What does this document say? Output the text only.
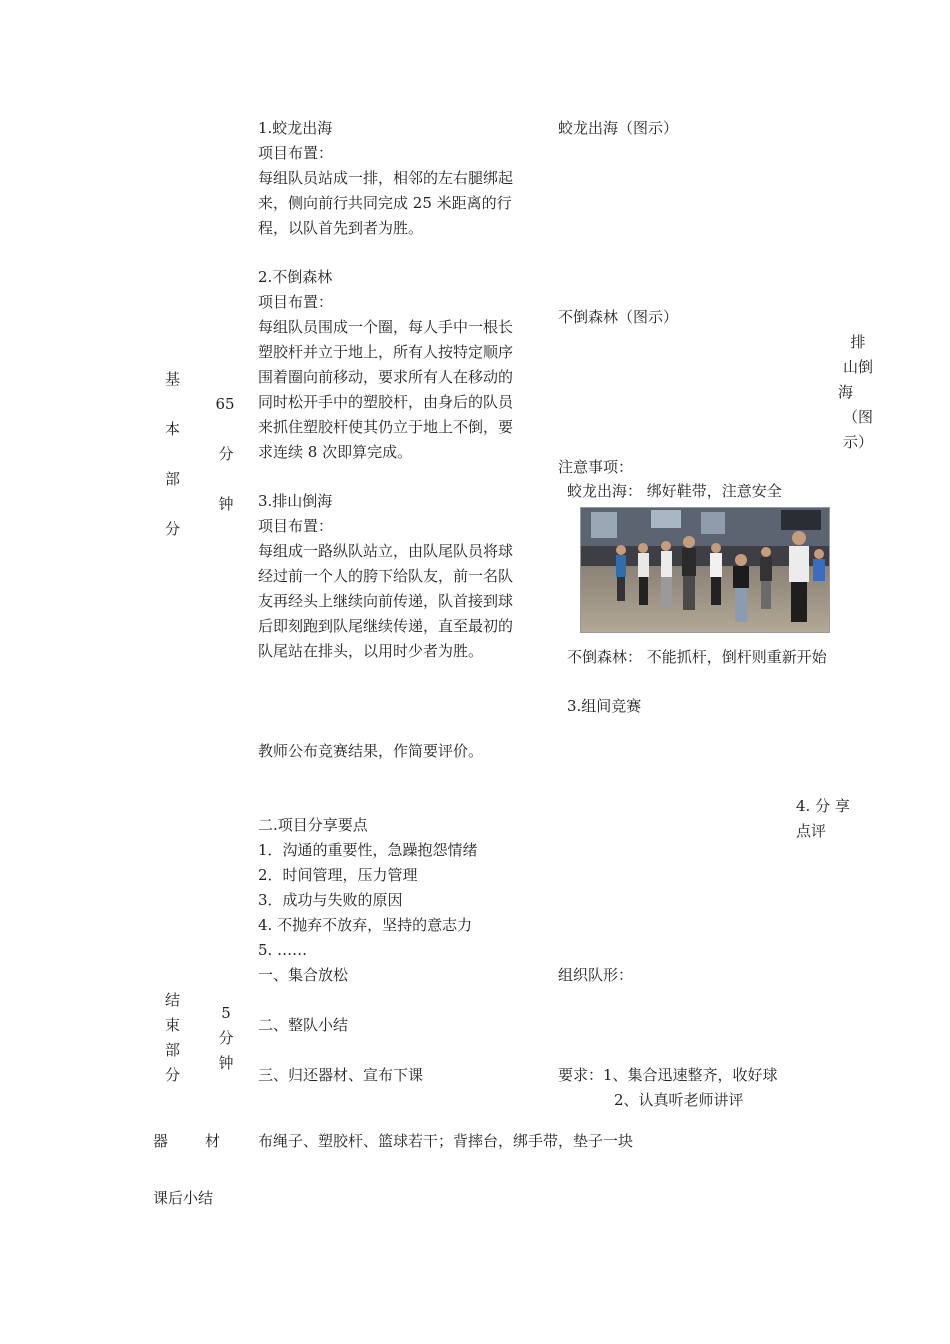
基
本
部
分
65
分
钟
1.蛟龙出海
项目布置：
每组队员站成一排，相邻的左右腿绑起
来，侧向前行共同完成 25 米距离的行
程，以队首先到者为胜。
2.不倒森林
项目布置：
每组队员围成一个圈，每人手中一根长
塑胶杆并立于地上，所有人按特定顺序
围着圈向前移动，要求所有人在移动的
同时松开手中的塑胶杆，由身后的队员
来抓住塑胶杆使其仍立于地上不倒，要
求连续 8 次即算完成。
3.排山倒海
项目布置：
每组成一路纵队站立，由队尾队员将球
经过前一个人的胯下给队友，前一名队
友再经头上继续向前传递，队首接到球
后即刻跑到队尾继续传递，直至最初的
队尾站在排头，以用时少者为胜。
教师公布竞赛结果，作简要评价。
二.项目分享要点
1．沟通的重要性，急躁抱怨情绪
2．时间管理，压力管理
3．成功与失败的原因
4. 不抛弃不放弃，坚持的意志力
5. ……
蛟龙出海（图示）
不倒森林（图示）
注意事项：
蛟龙出海： 绑好鞋带，注意安全
不倒森林： 不能抓杆，倒杆则重新开始
3.组间竞赛
排
山倒
海
（图
示）
4. 分 享
点评
结
束
部
分
5
分
钟
一、集合放松
二、整队小结
三、归还器材、宣布下课
组织队形：
要求：1、集合迅速整齐，收好球
2、认真听老师讲评
器 材	布绳子、塑胶杆、篮球若干；背摔台，绑手带，垫子一块
课后小结
